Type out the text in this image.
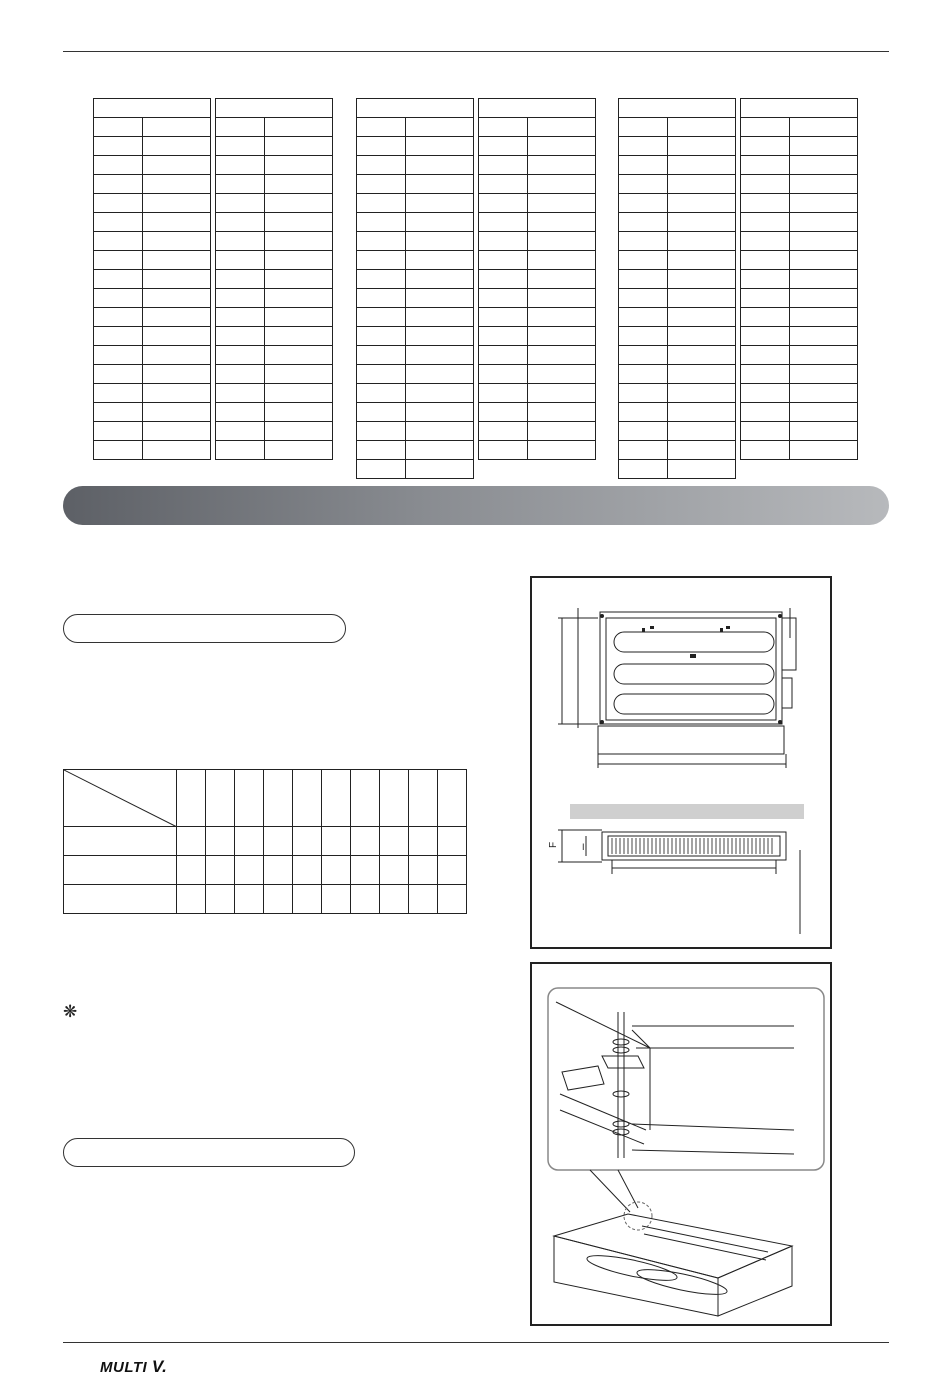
❋
F	I
MULTI V.
